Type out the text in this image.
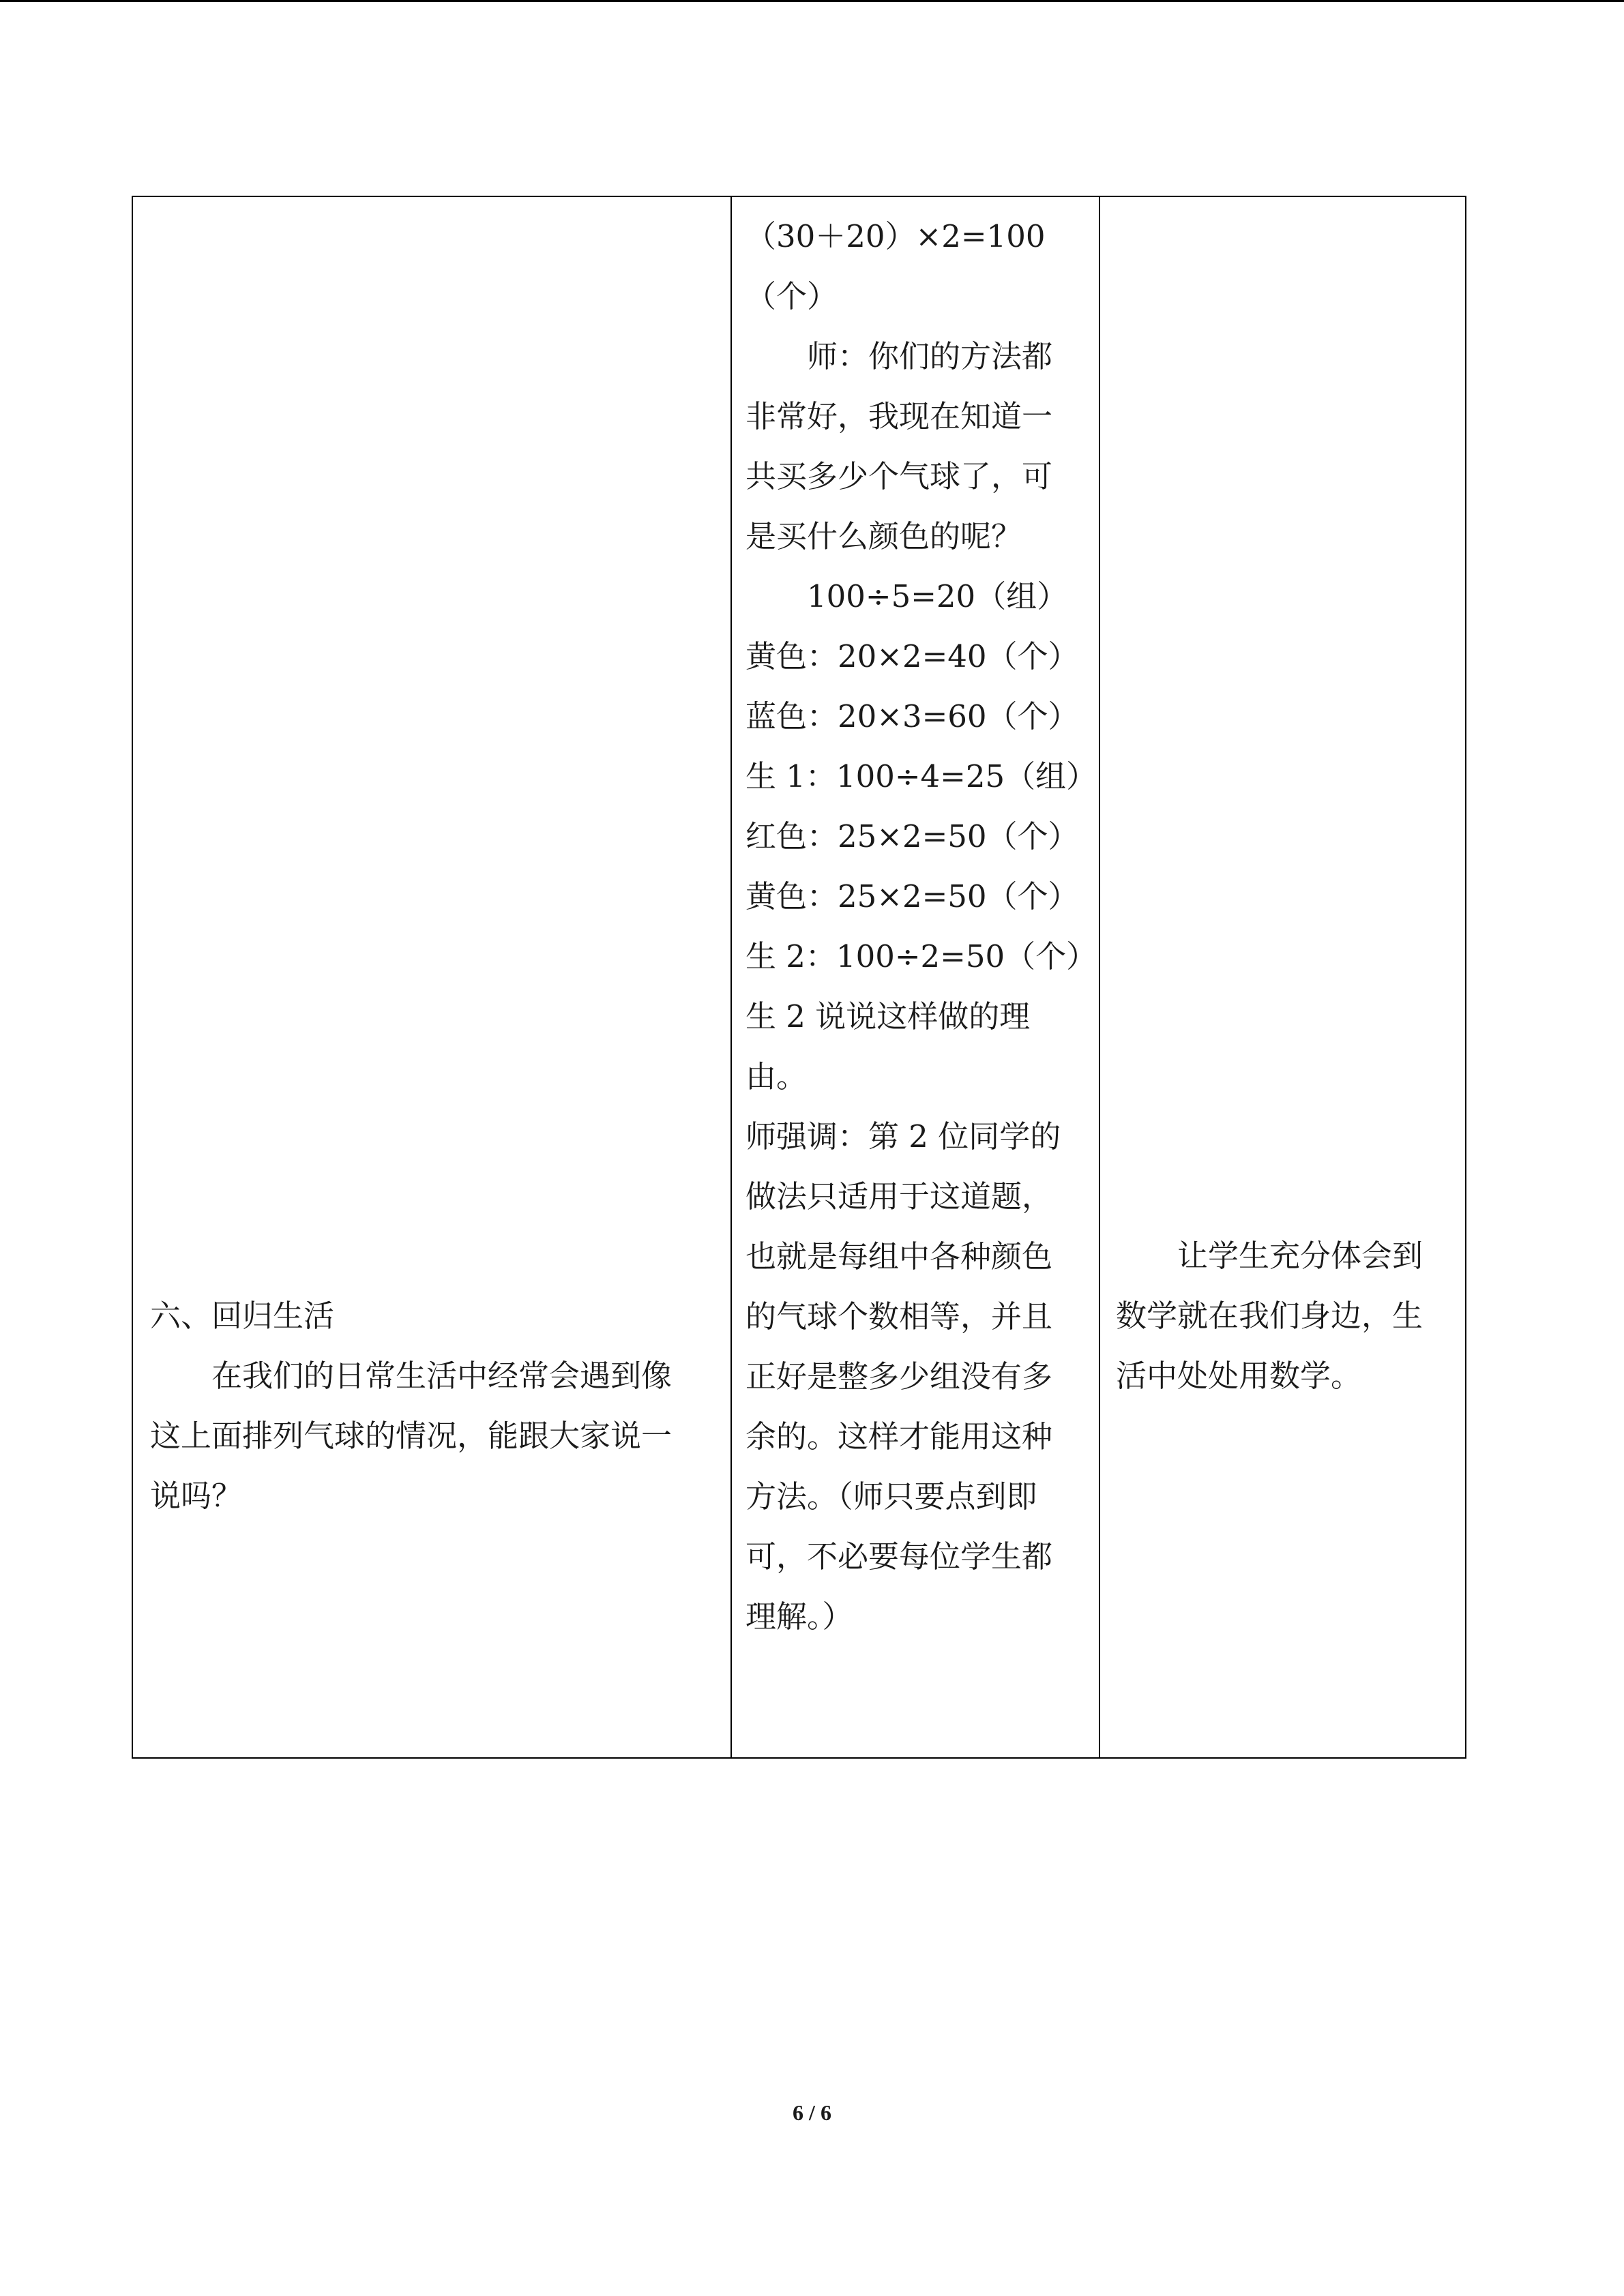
六、回归生活
在我们的日常生活中经常会遇到像
这上面排列气球的情况，能跟大家说一
说吗？
（30＋20）×2=100
（个）
师：你们的方法都
非常好，我现在知道一
共买多少个气球了，可
是买什么颜色的呢？
100÷5=20（组）
黄色：20×2=40（个）
蓝色：20×3=60（个）
生 1：100÷4=25（组）
红色：25×2=50（个）
黄色：25×2=50（个）
生 2：100÷2=50（个）
生 2 说说这样做的理
由。
师强调：第 2 位同学的
做法只适用于这道题，
也就是每组中各种颜色
的气球个数相等，并且
正好是整多少组没有多
余的。这样才能用这种
方法。（师只要点到即
可，不必要每位学生都
理解。）
让学生充分体会到
数学就在我们身边，生
活中处处用数学。
6 / 6
